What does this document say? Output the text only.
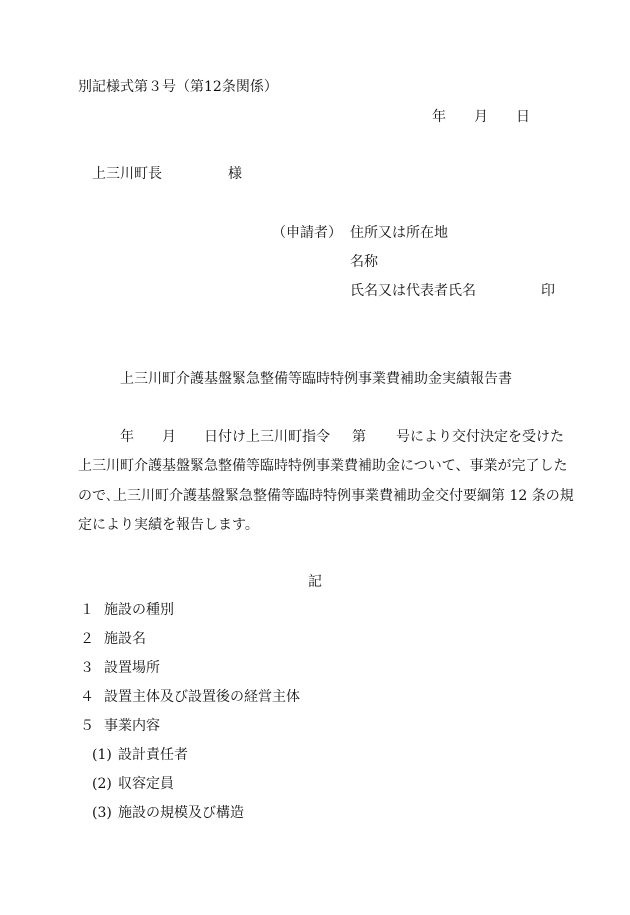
別記様式第３号（第12条関係）
年 月 日
上三川町長	様
（申請者） 住所又は所在地
名称
氏名又は代表者氏名	印
上三川町介護基盤緊急整備等臨時特例事業費補助金実績報告書
年 月 日付け上三川町指令 第 号により交付決定を受けた
上三川町介護基盤緊急整備等臨時特例事業費補助金について、事業が完了した
ので､上三川町介護基盤緊急整備等臨時特例事業費補助金交付要綱第 12 条の規
定により実績を報告します。
記
１ 施設の種別
２ 施設名
３ 設置場所
４ 設置主体及び設置後の経営主体
５ 事業内容
(1) 設計責任者
(2) 収容定員
(3) 施設の規模及び構造
